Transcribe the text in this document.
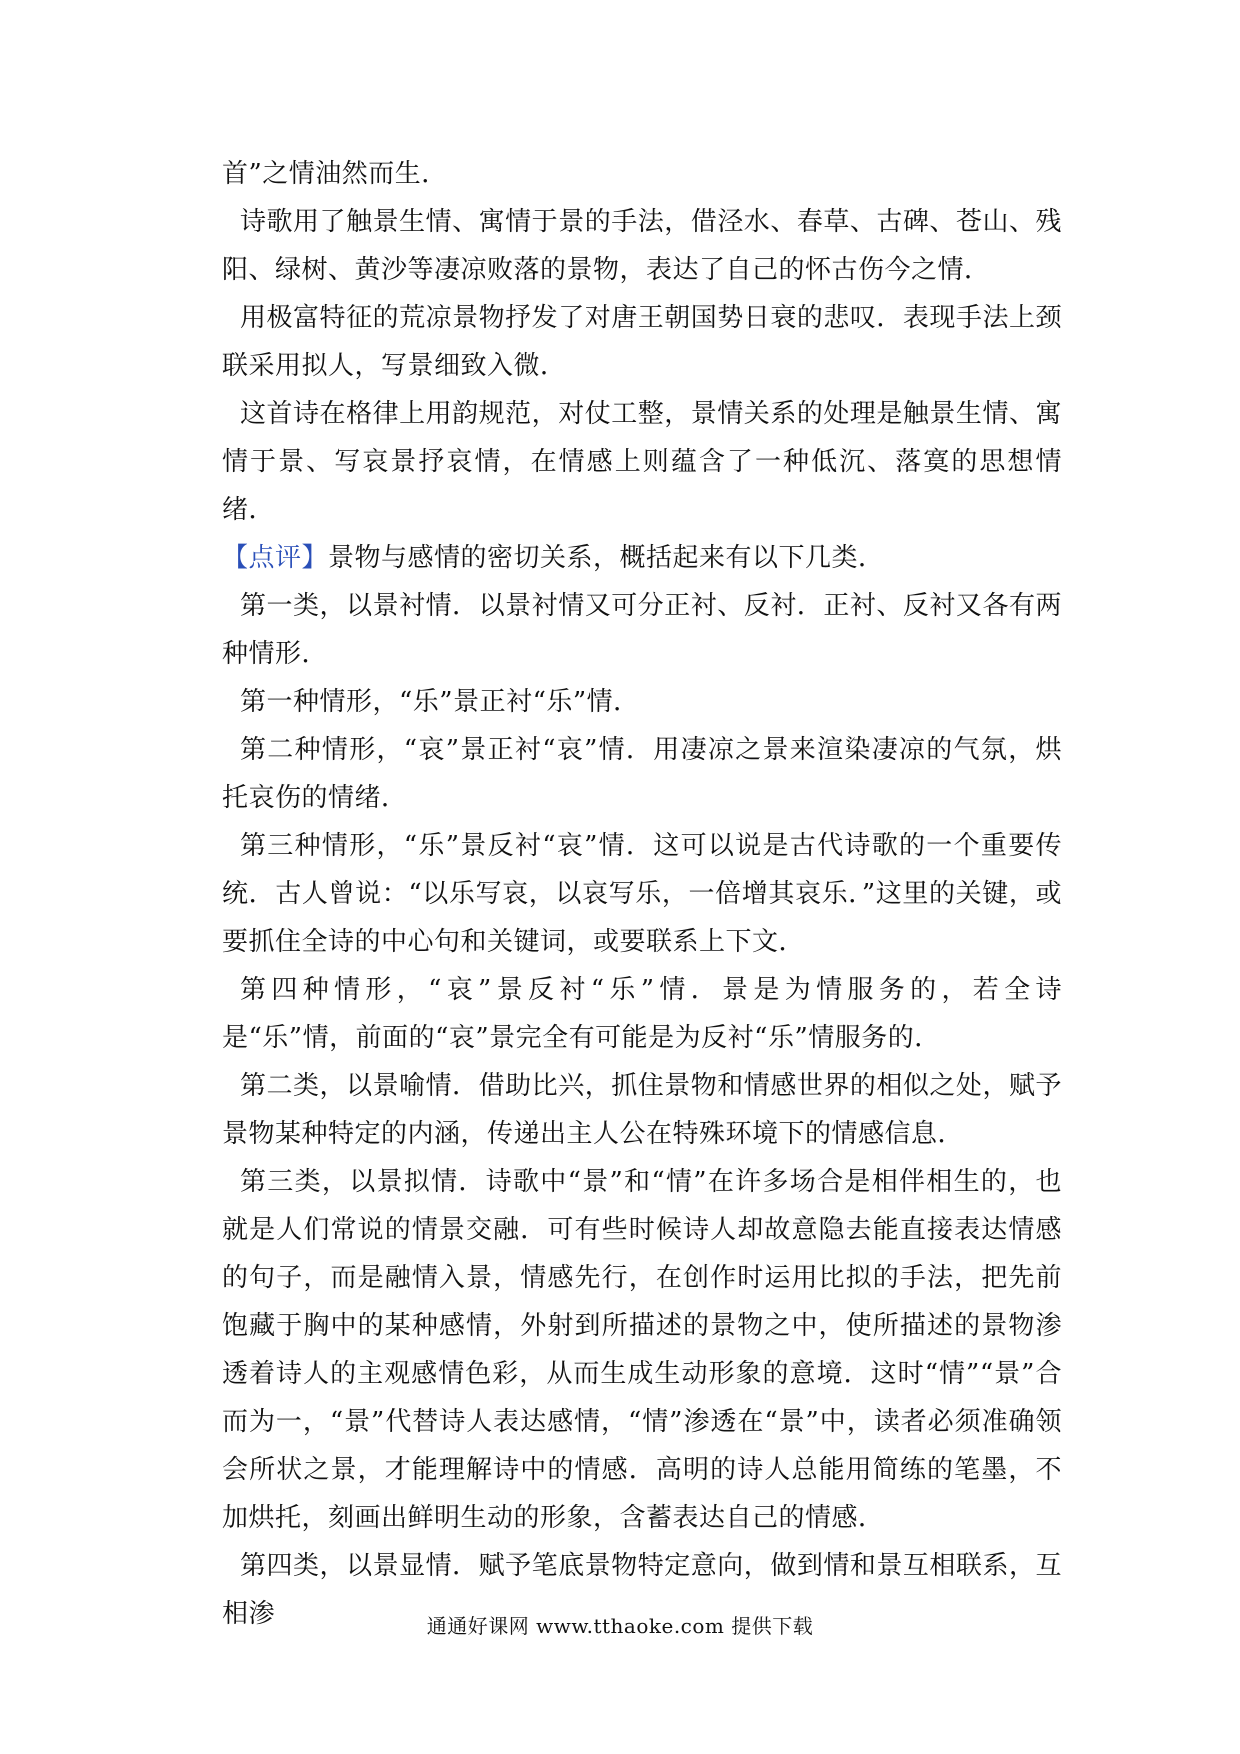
首”之情油然而生．

诗歌用了触景生情、寓情于景的手法，借泾水、春草、古碑、苍山、残阳、绿树、黄沙等凄凉败落的景物，表达了自己的怀古伤今之情．

用极富特征的荒凉景物抒发了对唐王朝国势日衰的悲叹．表现手法上颈联采用拟人，写景细致入微．

这首诗在格律上用韵规范，对仗工整，景情关系的处理是触景生情、寓情于景、写哀景抒哀情，在情感上则蕴含了一种低沉、落寞的思想情绪．

【点评】景物与感情的密切关系，概括起来有以下几类．

第一类，以景衬情．以景衬情又可分正衬、反衬．正衬、反衬又各有两种情形．

第一种情形，“乐”景正衬“乐”情．

第二种情形，“哀”景正衬“哀”情．用凄凉之景来渲染凄凉的气氛，烘托哀伤的情绪．

第三种情形，“乐”景反衬“哀”情．这可以说是古代诗歌的一个重要传统．古人曾说：“以乐写哀，以哀写乐，一倍增其哀乐．”这里的关键，或要抓住全诗的中心句和关键词，或要联系上下文．

第四种情形，“哀”景反衬“乐”情．景是为情服务的，若全诗是“乐”情，前面的“哀”景完全有可能是为反衬“乐”情服务的．

第二类，以景喻情．借助比兴，抓住景物和情感世界的相似之处，赋予景物某种特定的内涵，传递出主人公在特殊环境下的情感信息．

第三类，以景拟情．诗歌中“景”和“情”在许多场合是相伴相生的，也就是人们常说的情景交融．可有些时候诗人却故意隐去能直接表达情感的句子，而是融情入景，情感先行，在创作时运用比拟的手法，把先前饱藏于胸中的某种感情，外射到所描述的景物之中，使所描述的景物渗透着诗人的主观感情色彩，从而生成生动形象的意境．这时“情”“景”合而为一，“景”代替诗人表达感情，“情”渗透在“景”中，读者必须准确领会所状之景，才能理解诗中的情感．高明的诗人总能用简练的笔墨，不加烘托，刻画出鲜明生动的形象，含蓄表达自己的情感．

第四类，以景显情．赋予笔底景物特定意向，做到情和景互相联系，互相渗	通通好课网 www.tthaoke.com 提供下载
